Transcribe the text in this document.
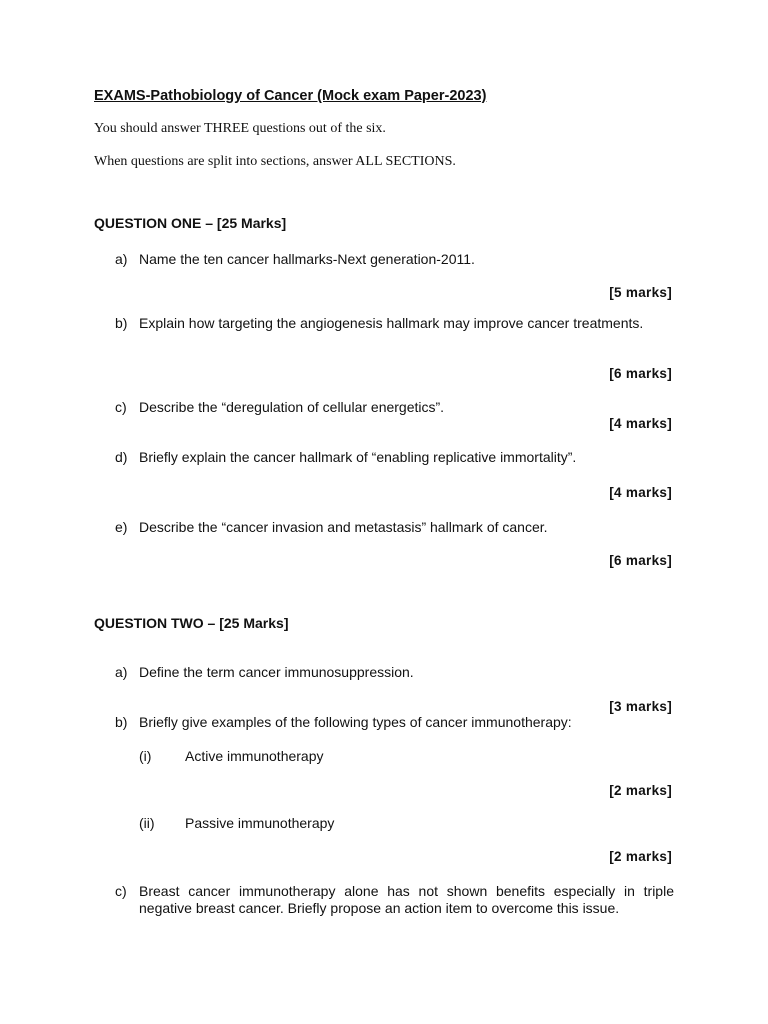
EXAMS-Pathobiology of Cancer (Mock exam Paper-2023)
You should answer THREE questions out of the six.
When questions are split into sections, answer ALL SECTIONS.
QUESTION ONE – [25 Marks]
a) Name the ten cancer hallmarks-Next generation-2011.
[5 marks]
b) Explain how targeting the angiogenesis hallmark may improve cancer treatments.
[6 marks]
c) Describe the “deregulation of cellular energetics”.
[4 marks]
d) Briefly explain the cancer hallmark of “enabling replicative immortality”.
[4 marks]
e) Describe the “cancer invasion and metastasis” hallmark of cancer.
[6 marks]
QUESTION TWO – [25 Marks]
a) Define the term cancer immunosuppression.
[3 marks]
b) Briefly give examples of the following types of cancer immunotherapy:
(i) Active immunotherapy
[2 marks]
(ii) Passive immunotherapy
[2 marks]
c) Breast cancer immunotherapy alone has not shown benefits especially in triple negative breast cancer. Briefly propose an action item to overcome this issue.
